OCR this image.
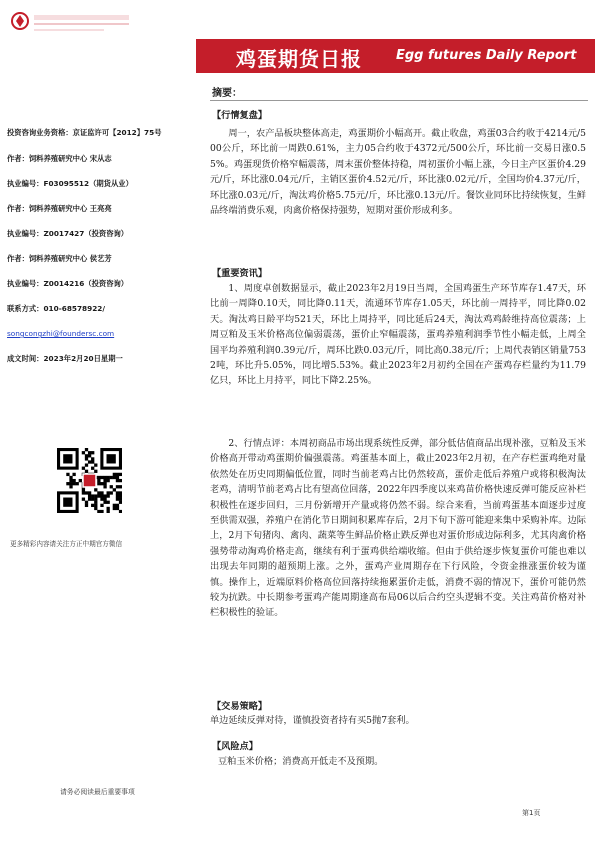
鸡蛋期货日报	Egg futures Daily Report
投资咨询业务资格：京证监许可【2012】75号
作者：饲料养殖研究中心 宋从志
执业编号：F03095512（期货从业）
作者：饲料养殖研究中心 王亮亮
执业编号：Z0017427（投资咨询）
作者：饲料养殖研究中心 侯艺芳
执业编号：Z0014216（投资咨询）
联系方式：010-68578922/
songcongzhi@foundersc.com
成文时间：2023年2月20日星期一
更多精彩内容请关注方正中期官方微信
摘要：
【行情复盘】
周一，农产品板块整体高走，鸡蛋期价小幅高开。截止收盘，鸡蛋03合约收于4214元/500公斤，环比前一周跌0.61%，主力05合约收于4372元/500公斤，环比前一交易日涨0.55%。鸡蛋现货价格窄幅震荡，周末蛋价整体持稳，周初蛋价小幅上涨，今日主产区蛋价4.29元/斤，环比涨0.04元/斤，主销区蛋价4.52元/斤，环比涨0.02元/斤，全国均价4.37元/斤，环比涨0.03元/斤，淘汰鸡价格5.75元/斤，环比涨0.13元/斤。餐饮业同环比持续恢复，生鲜品终端消费乐观，肉禽价格保持强势，短期对蛋价形成利多。
【重要资讯】
1、周度卓创数据显示，截止2023年2月19日当周，全国鸡蛋生产环节库存1.47天，环比前一周降0.10天，同比降0.11天，流通环节库存1.05天，环比前一周持平，同比降0.02天。淘汰鸡日龄平均521天，环比上周持平，同比延后24天，淘汰鸡鸡龄维持高位震荡；上周豆粕及玉米价格高位偏弱震荡，蛋价止窄幅震荡，蛋鸡养殖利润季节性小幅走低，上周全国平均养殖利润0.39元/斤，周环比跌0.03元/斤，同比高0.38元/斤；上周代表销区销量7532吨，环比升5.05%，同比增5.53%。截止2023年2月初约全国在产蛋鸡存栏量约为11.79亿只，环比上月持平，同比下降2.25%。
2、行情点评：本周初商品市场出现系统性反弹，部分低估值商品出现补涨，豆粕及玉米价格高开带动鸡蛋期价偏强震荡。鸡蛋基本面上，截止2023年2月初，在产存栏蛋鸡绝对量依然处在历史同期偏低位置，同时当前老鸡占比仍然较高，蛋价走低后养殖户或将积极淘汰老鸡，清明节前老鸡占比有望高位回落，2022年四季度以来鸡苗价格快速反弹可能反应补栏积极性在逐步回归，三月份新增开产量或将仍然不弱。综合来看，当前鸡蛋基本面逐步过度至供需双强，养殖户在消化节日期间积累库存后，2月下旬下游可能迎来集中采购补库。边际上，2月下旬猪肉、禽肉、蔬菜等生鲜品价格止跌反弹也对蛋价形成边际利多，尤其肉禽价格强势带动淘鸡价格走高，继续有利于蛋鸡供给端收缩。但由于供给逐步恢复蛋价可能也难以出现去年同期的超预期上涨。之外，蛋鸡产业周期存在下行风险，令资金推涨蛋价较为谨慎。操作上，近端原料价格高位回落持续拖累蛋价走低，消费不弱的情况下，蛋价可能仍然较为抗跌。中长期参考蛋鸡产能周期逢高布局06以后合约空头逻辑不变。关注鸡苗价格对补栏积极性的验证。
【交易策略】
单边延续反弹对待，谨慎投资者持有买5抛7套利。
【风险点】
豆粕玉米价格；消费高开低走不及预期。
请务必阅读最后重要事项
第1页
